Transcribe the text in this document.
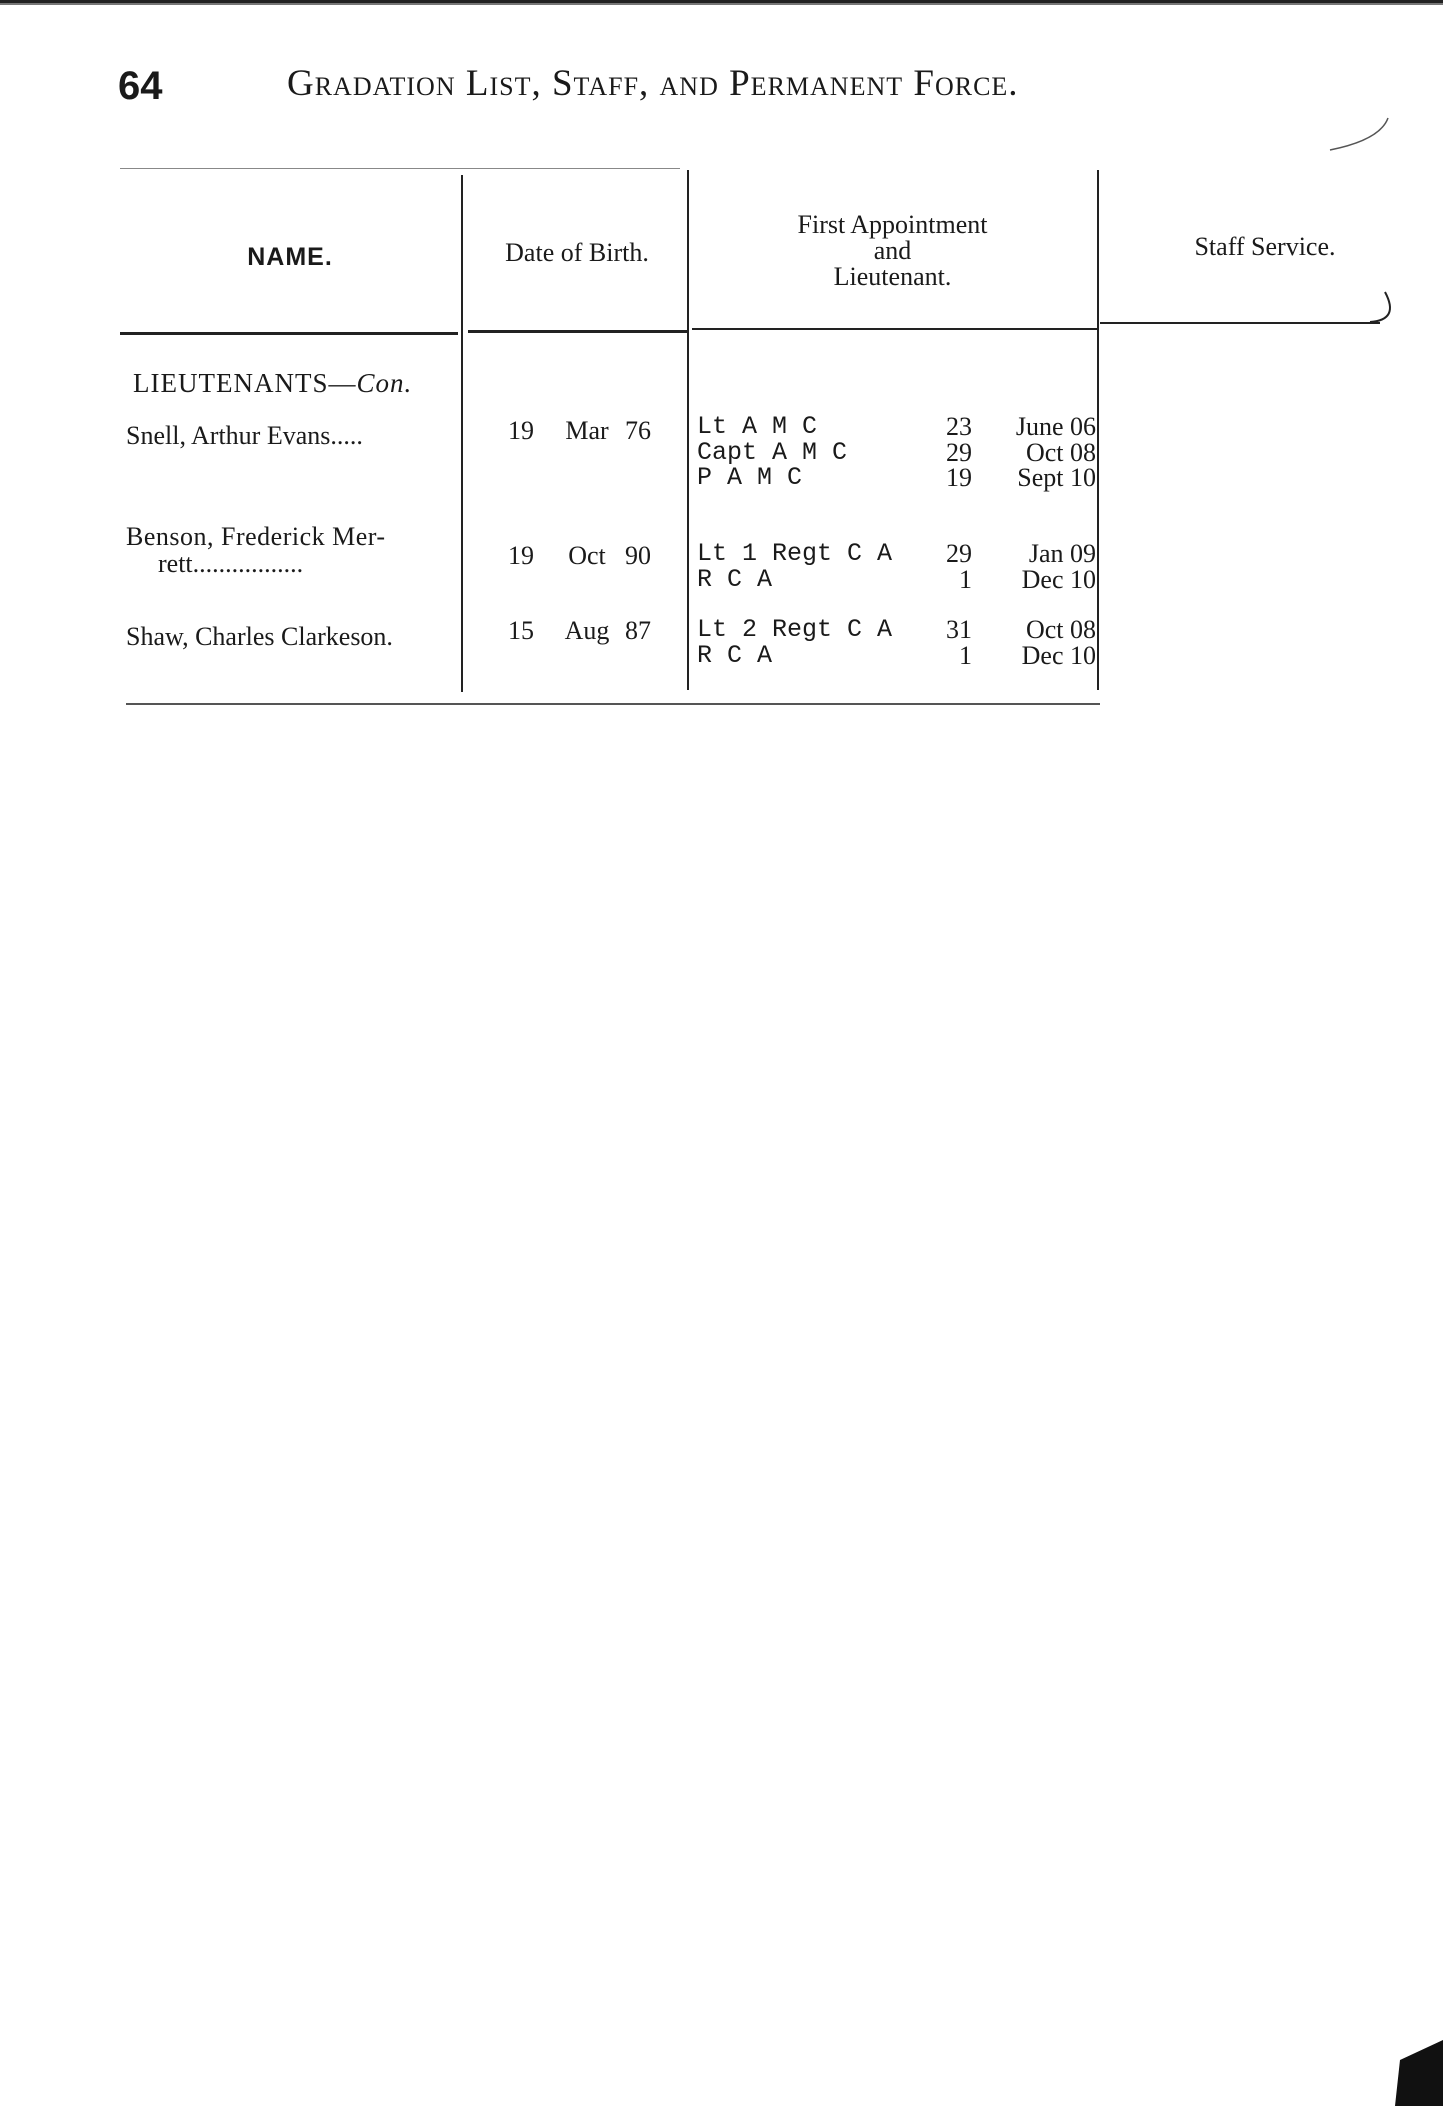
64	Gradation List, Staff, and Permanent Force.
NAME.	Date of Birth.
First Appointment
and
Lieutenant.
Staff Service.
LIEUTENANTS—Con.
Snell, Arthur Evans.....	19	Mar 76	Lt A M C	23	June 06
Capt A M C	29	Oct 08
P A M C	19	Sept 10
Benson, Frederick Mer-
rett.................	19	Oct 90	Lt 1 Regt C A	29	Jan 09
R C A	1	Dec 10
Shaw, Charles Clarkeson.	15	Aug 87	Lt 2 Regt C A	31	Oct 08
R C A	1	Dec 10
